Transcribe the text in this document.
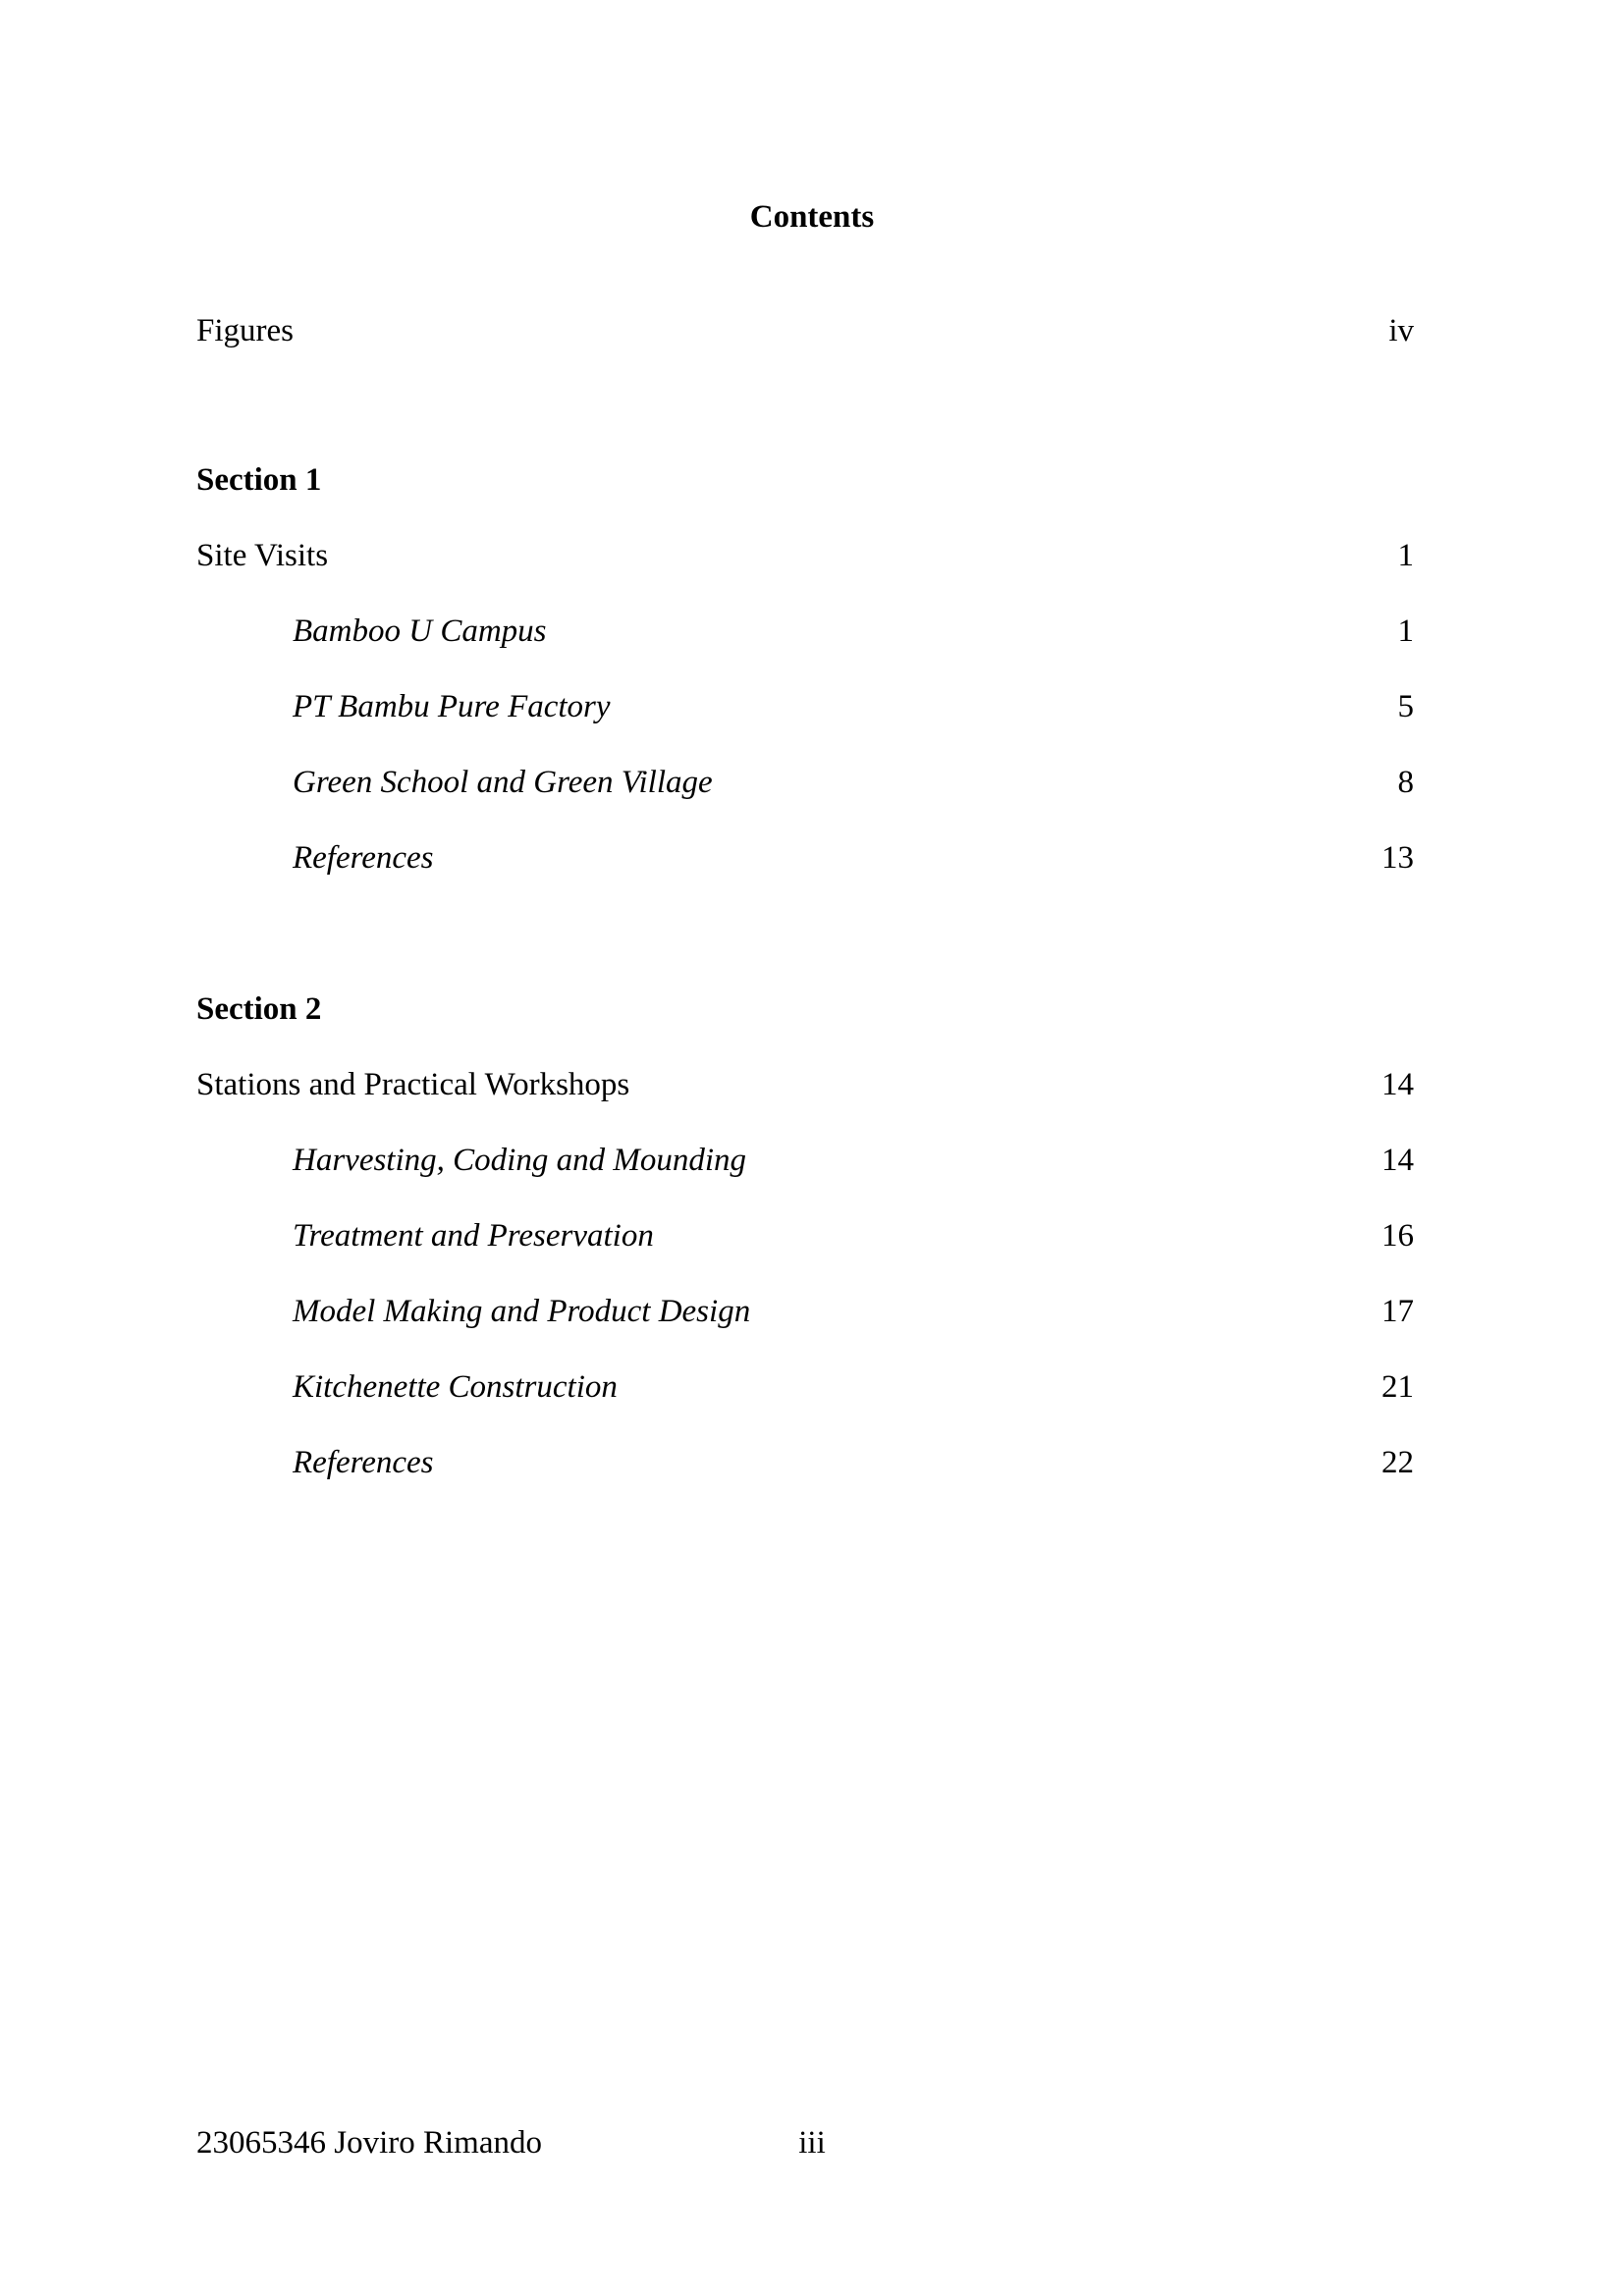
Contents
Figures	iv
Section 1
Site Visits	1
Bamboo U Campus	1
PT Bambu Pure Factory	5
Green School and Green Village	8
References	13
Section 2
Stations and Practical Workshops	14
Harvesting, Coding and Mounding	14
Treatment and Preservation	16
Model Making and Product Design	17
Kitchenette Construction	21
References	22
23065346 Joviro Rimando	iii
